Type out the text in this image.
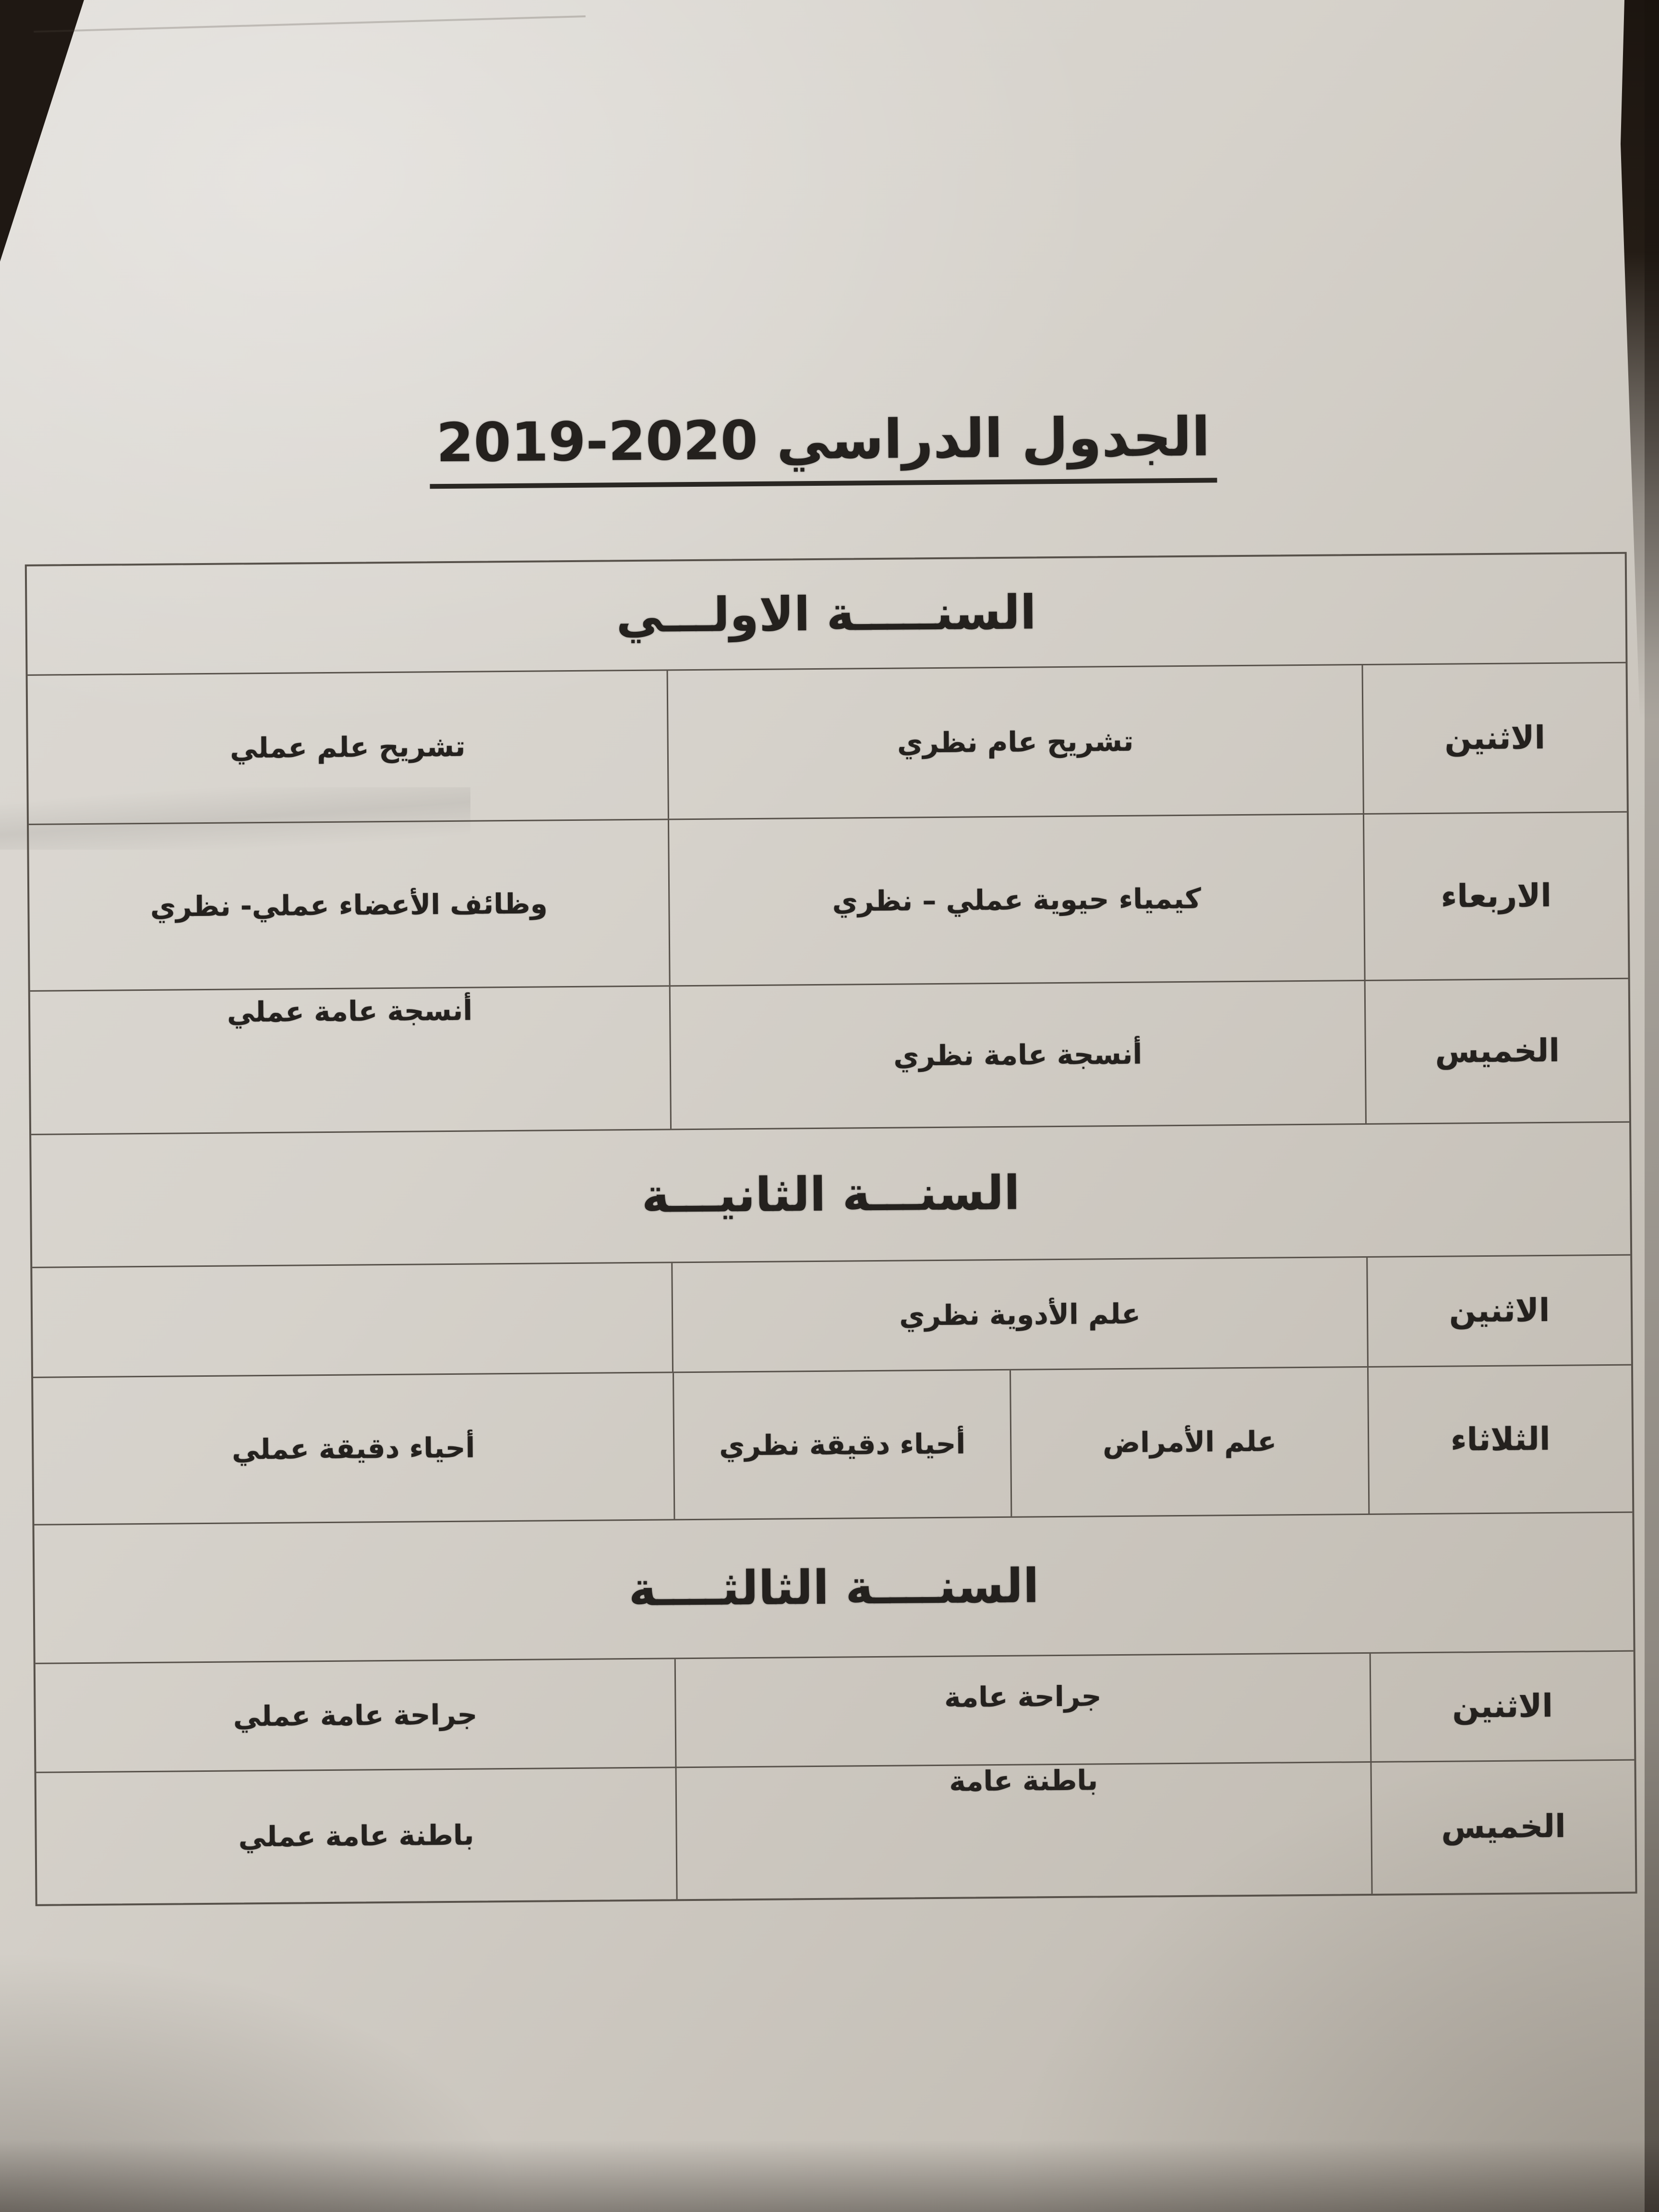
الجدول الدراسي 2020-2019
السنـــــة الاولـــي
الاثنين
تشريح عام نظري
تشريح علم عملي
الاربعاء
كيمياء حيوية عملي – نظري
وظائف الأعضاء عملي- نظري
الخميس
أنسجة عامة نظري
أنسجة عامة عملي
السنـــة الثانيـــة
الاثنين
علم الأدوية نظري
الثلاثاء
علم الأمراض
أحياء دقيقة نظري
أحياء دقيقة عملي
السنــــة الثالثــــة
الاثنين
جراحة عامة
جراحة عامة عملي
الخميس
باطنة عامة
باطنة عامة عملي
